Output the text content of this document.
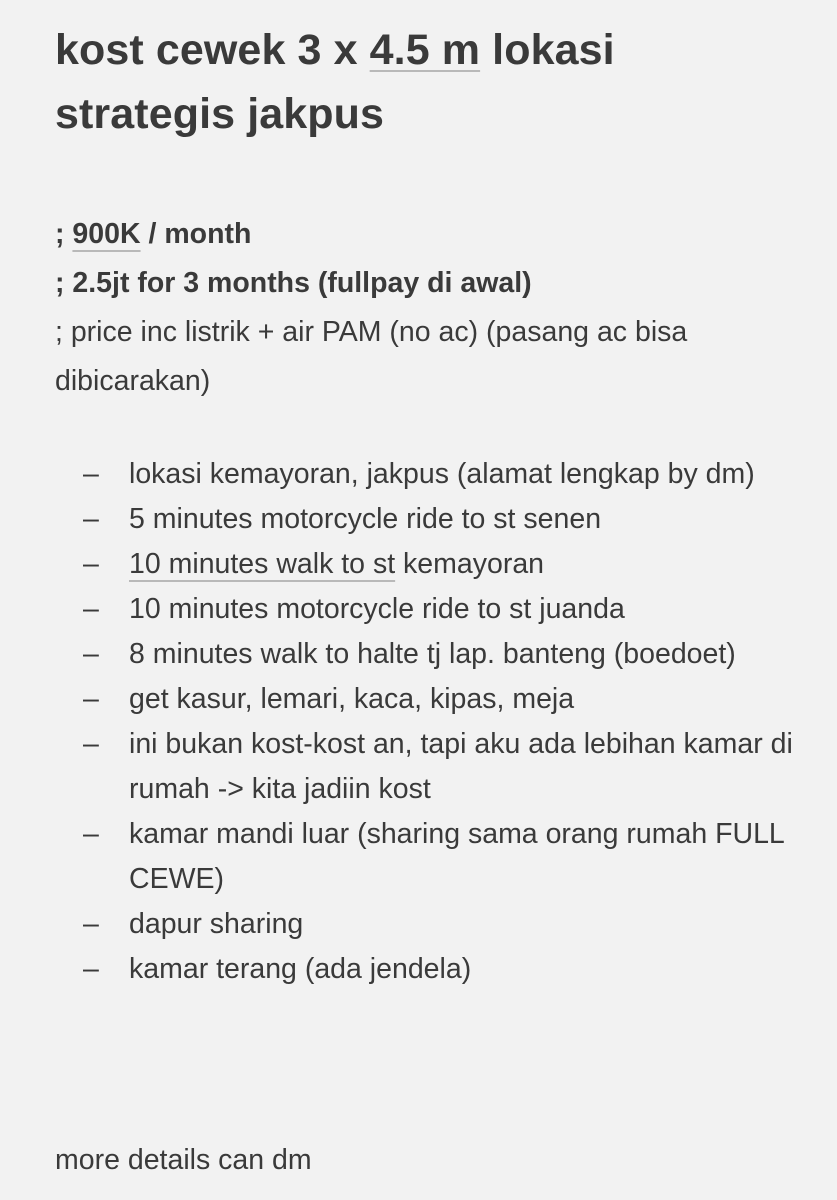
kost cewek 3 x 4.5 m lokasi strategis jakpus
; 900K / month
; 2.5jt for 3 months (fullpay di awal)
; price inc listrik + air PAM (no ac) (pasang ac bisa dibicarakan)
– lokasi kemayoran, jakpus (alamat lengkap by dm)
– 5 minutes motorcycle ride to st senen
– 10 minutes walk to st kemayoran
– 10 minutes motorcycle ride to st juanda
– 8 minutes walk to halte tj lap. banteng (boedoet)
– get kasur, lemari, kaca, kipas, meja
– ini bukan kost-kost an, tapi aku ada lebihan kamar di rumah -> kita jadiin kost
– kamar mandi luar (sharing sama orang rumah FULL CEWE)
– dapur sharing
– kamar terang (ada jendela)
more details can dm
